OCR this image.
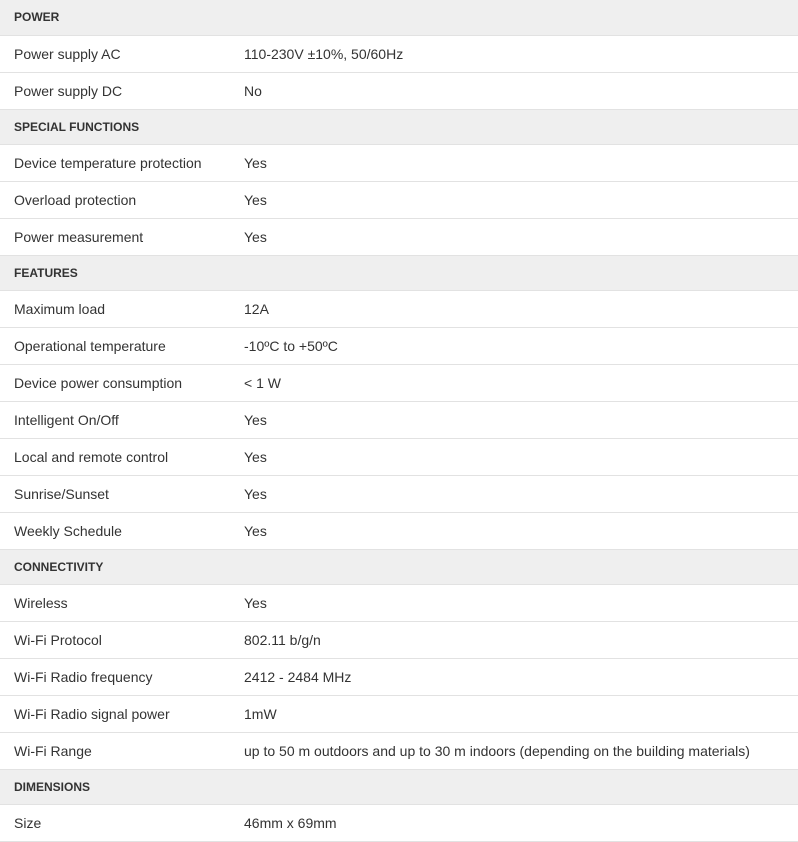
POWER	
Power supply AC	110-230V ±10%, 50/60Hz
Power supply DC	No
SPECIAL FUNCTIONS	
Device temperature protection	Yes
Overload protection	Yes
Power measurement	Yes
FEATURES	
Maximum load	12A
Operational temperature	-10ºC to +50ºC
Device power consumption	< 1 W
Intelligent On/Off	Yes
Local and remote control	Yes
Sunrise/Sunset	Yes
Weekly Schedule	Yes
CONNECTIVITY	
Wireless	Yes
Wi-Fi Protocol	802.11 b/g/n
Wi-Fi Radio frequency	2412 - 2484 MHz
Wi-Fi Radio signal power	1mW
Wi-Fi Range	up to 50 m outdoors and up to 30 m indoors (depending on the building materials)
DIMENSIONS	
Size	46mm x 69mm
